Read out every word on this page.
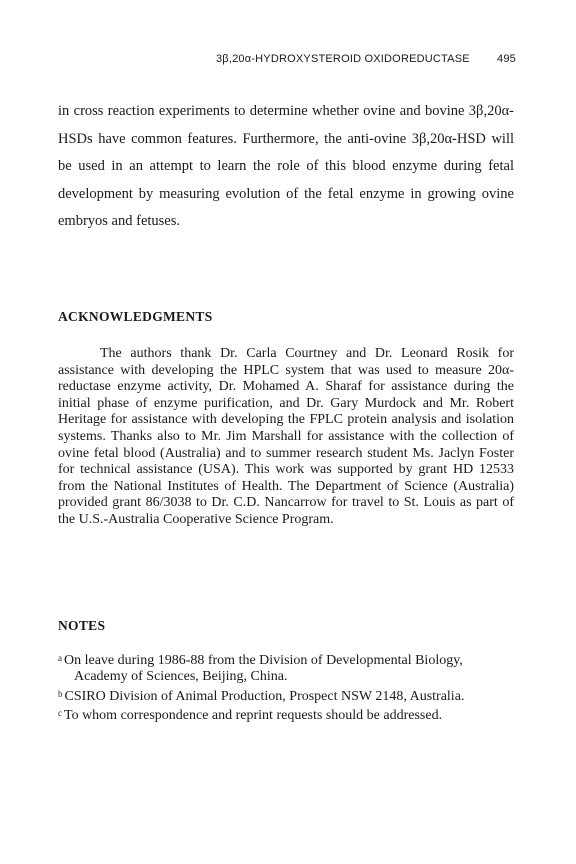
3β,20α-HYDROXYSTEROID OXIDOREDUCTASE 495

in cross reaction experiments to determine whether ovine and bovine 3β,20α-HSDs have common features. Furthermore, the anti-ovine 3β,20α-HSD will be used in an attempt to learn the role of this blood enzyme during fetal development by measuring evolution of the fetal enzyme in growing ovine embryos and fetuses.

ACKNOWLEDGMENTS

The authors thank Dr. Carla Courtney and Dr. Leonard Rosik for assistance with developing the HPLC system that was used to measure 20α-reductase enzyme activity, Dr. Mohamed A. Sharaf for assistance during the initial phase of enzyme purification, and Dr. Gary Murdock and Mr. Robert Heritage for assistance with developing the FPLC protein analysis and isolation systems. Thanks also to Mr. Jim Marshall for assistance with the collection of ovine fetal blood (Australia) and to summer research student Ms. Jaclyn Foster for technical assistance (USA). This work was supported by grant HD 12533 from the National Institutes of Health. The Department of Science (Australia) provided grant 86/3038 to Dr. C.D. Nancarrow for travel to St. Louis as part of the U.S.-Australia Cooperative Science Program.

NOTES
$^a$ On leave during 1986-88 from the Division of Developmental Biology, Academy of Sciences, Beijing, China.
$^b$ CSIRO Division of Animal Production, Prospect NSW 2148, Australia.
$^c$ To whom correspondence and reprint requests should be addressed.
